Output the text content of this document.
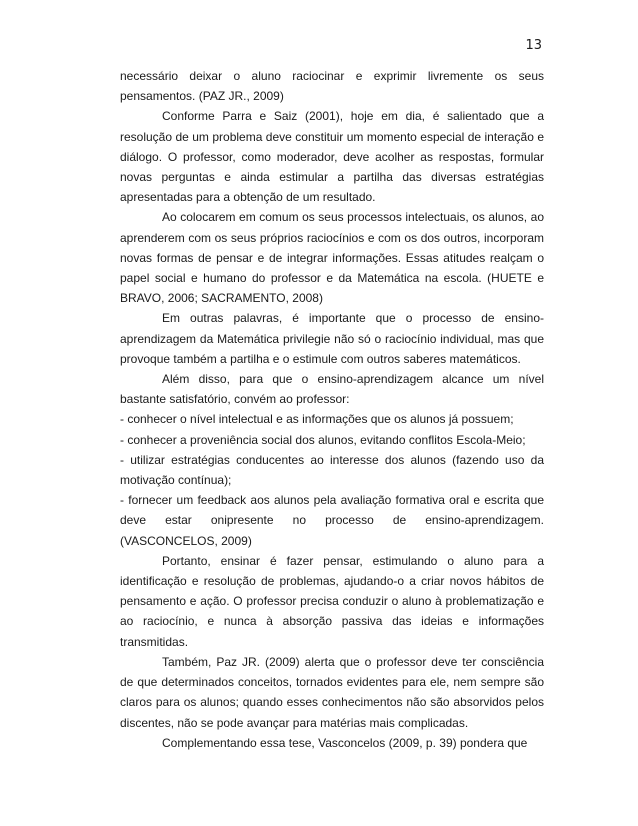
13

necessário deixar o aluno raciocinar e exprimir livremente os seus pensamentos. (PAZ JR., 2009)

Conforme Parra e Saiz (2001), hoje em dia, é salientado que a resolução de um problema deve constituir um momento especial de interação e diálogo. O professor, como moderador, deve acolher as respostas, formular novas perguntas e ainda estimular a partilha das diversas estratégias apresentadas para a obtenção de um resultado.

Ao colocarem em comum os seus processos intelectuais, os alunos, ao aprenderem com os seus próprios raciocínios e com os dos outros, incorporam novas formas de pensar e de integrar informações. Essas atitudes realçam o papel social e humano do professor e da Matemática na escola. (HUETE e BRAVO, 2006; SACRAMENTO, 2008)

Em outras palavras, é importante que o processo de ensino-aprendizagem da Matemática privilegie não só o raciocínio individual, mas que provoque também a partilha e o estimule com outros saberes matemáticos.

Além disso, para que o ensino-aprendizagem alcance um nível bastante satisfatório, convém ao professor:

- conhecer o nível intelectual e as informações que os alunos já possuem;

- conhecer a proveniência social dos alunos, evitando conflitos Escola-Meio;

- utilizar estratégias conducentes ao interesse dos alunos (fazendo uso da motivação contínua);

- fornecer um feedback aos alunos pela avaliação formativa oral e escrita que deve estar onipresente no processo de ensino-aprendizagem. (VASCONCELOS, 2009)

Portanto, ensinar é fazer pensar, estimulando o aluno para a identificação e resolução de problemas, ajudando-o a criar novos hábitos de pensamento e ação. O professor precisa conduzir o aluno à problematização e ao raciocínio, e nunca à absorção passiva das ideias e informações transmitidas.

Também, Paz JR. (2009) alerta que o professor deve ter consciência de que determinados conceitos, tornados evidentes para ele, nem sempre são claros para os alunos; quando esses conhecimentos não são absorvidos pelos discentes, não se pode avançar para matérias mais complicadas.

Complementando essa tese, Vasconcelos (2009, p. 39) pondera que
